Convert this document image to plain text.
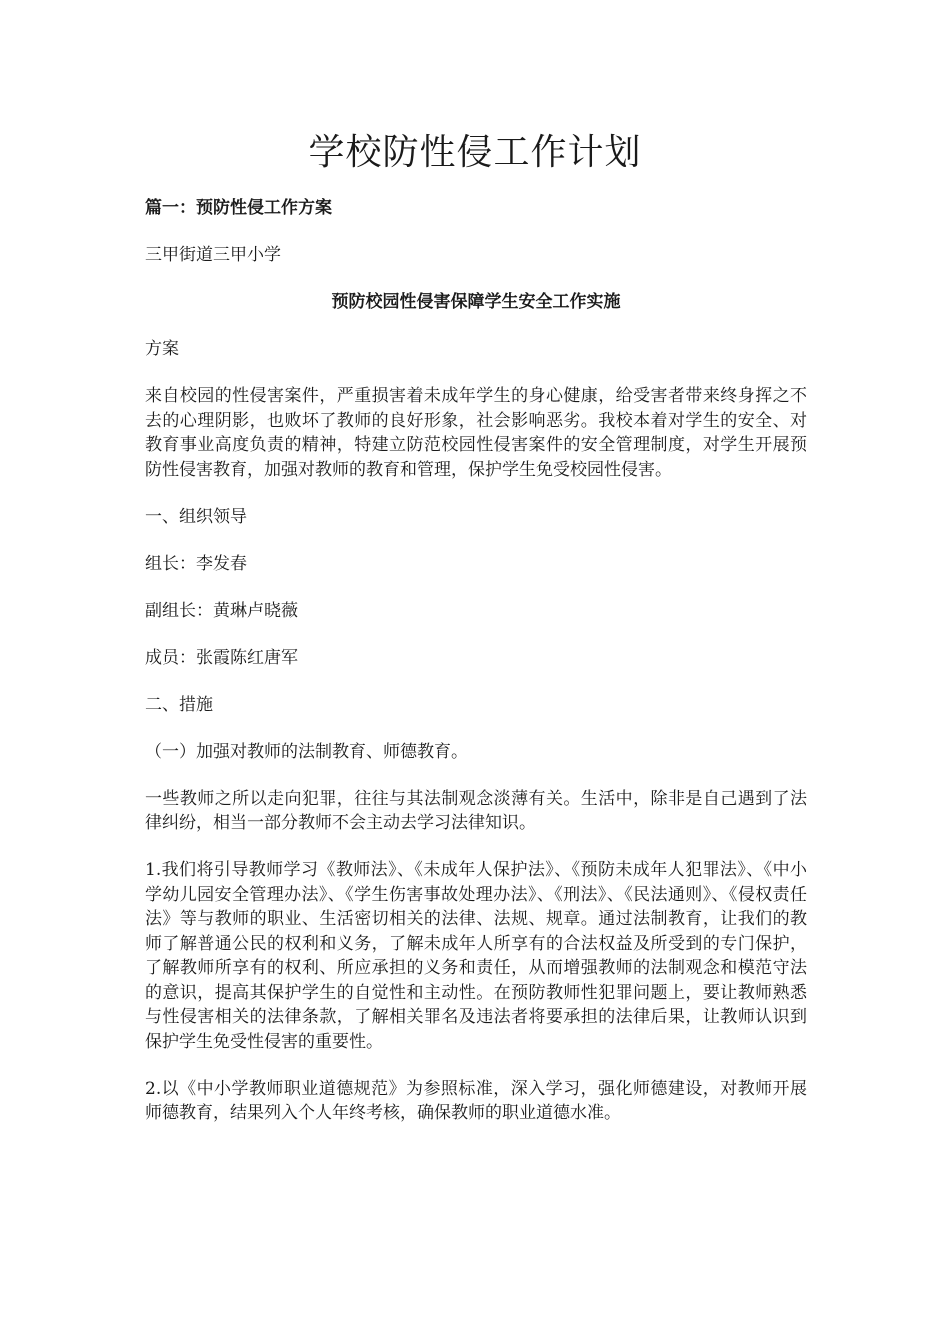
学校防性侵工作计划

篇一：预防性侵工作方案

三甲街道三甲小学

预防校园性侵害保障学生安全工作实施

方案

来自校园的性侵害案件，严重损害着未成年学生的身心健康，给受害者带来终身挥之不去的心理阴影，也败坏了教师的良好形象，社会影响恶劣。我校本着对学生的安全、对教育事业高度负责的精神，特建立防范校园性侵害案件的安全管理制度，对学生开展预防性侵害教育，加强对教师的教育和管理，保护学生免受校园性侵害。

一、组织领导

组长：李发春

副组长：黄琳卢晓薇

成员：张霞陈红唐军

二、措施

（一）加强对教师的法制教育、师德教育。

一些教师之所以走向犯罪，往往与其法制观念淡薄有关。生活中，除非是自己遇到了法律纠纷，相当一部分教师不会主动去学习法律知识。

1.我们将引导教师学习《教师法》、《未成年人保护法》、《预防未成年人犯罪法》、《中小学幼儿园安全管理办法》、《学生伤害事故处理办法》、《刑法》、《民法通则》、《侵权责任法》等与教师的职业、生活密切相关的法律、法规、规章。通过法制教育，让我们的教师了解普通公民的权利和义务，了解未成年人所享有的合法权益及所受到的专门保护，了解教师所享有的权利、所应承担的义务和责任，从而增强教师的法制观念和模范守法的意识，提高其保护学生的自觉性和主动性。在预防教师性犯罪问题上，要让教师熟悉与性侵害相关的法律条款，了解相关罪名及违法者将要承担的法律后果，让教师认识到保护学生免受性侵害的重要性。

2.以《中小学教师职业道德规范》为参照标准，深入学习，强化师德建设，对教师开展师德教育，结果列入个人年终考核，确保教师的职业道德水准。
